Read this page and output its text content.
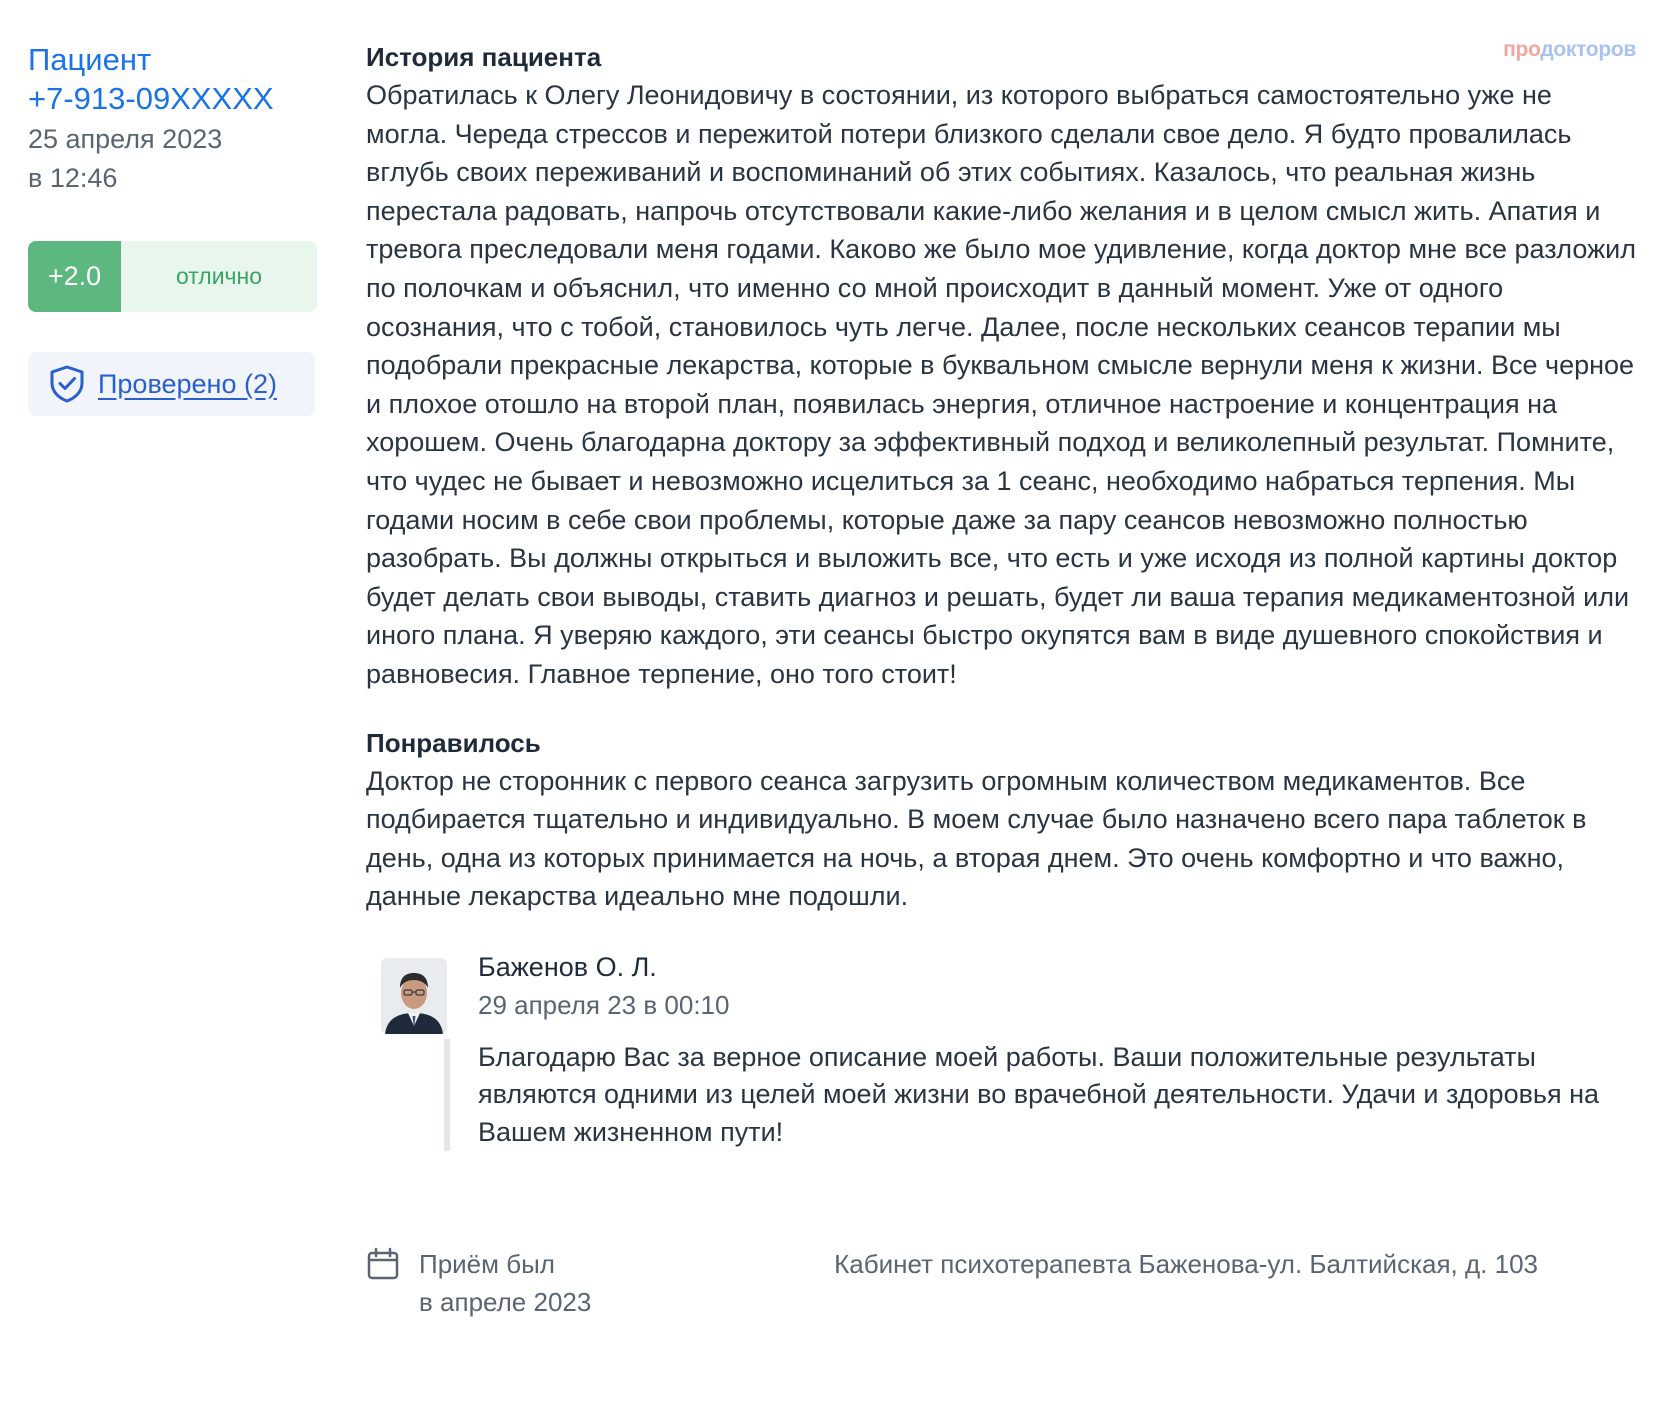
Пациент
+7-913-09XXXXX
25 апреля 2023
в 12:46
+2.0	отлично
Проверено (2)
продокторов

История пациента

Обратилась к Олегу Леонидовичу в состоянии, из которого выбраться самостоятельно уже не могла. Череда стрессов и пережитой потери близкого сделали свое дело. Я будто провалилась вглубь своих переживаний и воспоминаний об этих событиях. Казалось, что реальная жизнь перестала радовать, напрочь отсутствовали какие-либо желания и в целом смысл жить. Апатия и тревога преследовали меня годами. Каково же было мое удивление, когда доктор мне все разложил по полочкам и объяснил, что именно со мной происходит в данный момент. Уже от одного осознания, что с тобой, становилось чуть легче. Далее, после нескольких сеансов терапии мы подобрали прекрасные лекарства, которые в буквальном смысле вернули меня к жизни. Все черное и плохое отошло на второй план, появилась энергия, отличное настроение и концентрация на хорошем. Очень благодарна доктору за эффективный подход и великолепный результат. Помните, что чудес не бывает и невозможно исцелиться за 1 сеанс, необходимо набраться терпения. Мы годами носим в себе свои проблемы, которые даже за пару сеансов невозможно полностью разобрать. Вы должны открыться и выложить все, что есть и уже исходя из полной картины доктор будет делать свои выводы, ставить диагноз и решать, будет ли ваша терапия медикаментозной или иного плана. Я уверяю каждого, эти сеансы быстро окупятся вам в виде душевного спокойствия и равновесия. Главное терпение, оно того стоит!

Понравилось

Доктор не сторонник с первого сеанса загрузить огромным количеством медикаментов. Все подбирается тщательно и индивидуально. В моем случае было назначено всего пара таблеток в день, одна из которых принимается на ночь, а вторая днем. Это очень комфортно и что важно, данные лекарства идеально мне подошли.

Баженов О. Л.
29 апреля 23 в 00:10

Благодарю Вас за верное описание моей работы. Ваши положительные результаты являются одними из целей моей жизни во врачебной деятельности. Удачи и здоровья на Вашем жизненном пути!

Приём был
в апреле 2023
Кабинет психотерапевта Баженова-ул. Балтийская, д. 103
